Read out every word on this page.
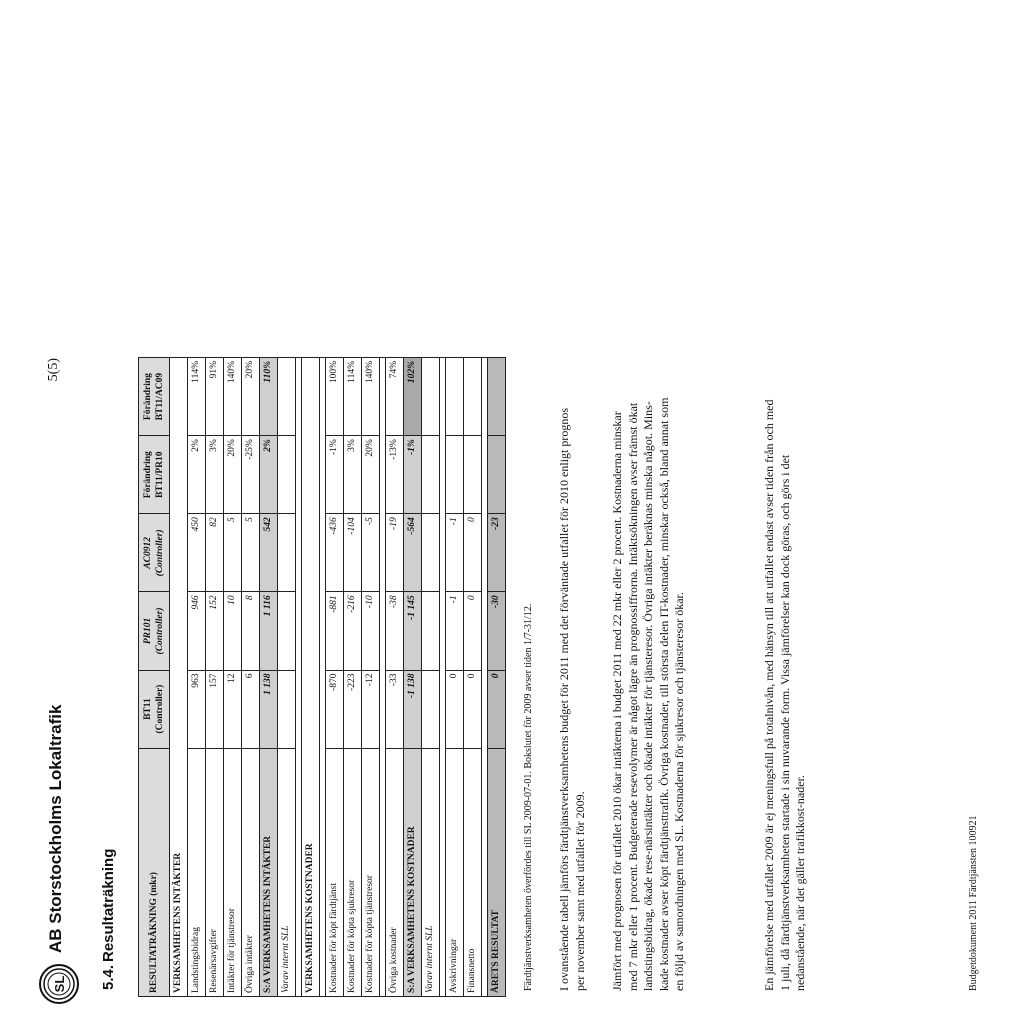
SL
AB Storstockholms Lokaltrafik
5(5)
5.4.Resultaträkning	RESULTATRÄKNING (mkr)	BT11 (Controller)	PR101 (Controller)	AC0912 (Controller)	Förändring BT11/PR10	Förändring BT11/AC09
VERKSAMHETENS INTÄKTER					
Landstingsbidrag	963	946	450	2%	114%
Resenärsavgifter	157	152	82	3%	91%
Intäkter för tjänstresor	12	10	5	20%	140%
Övriga intäkter	6	8	5	-25%	20%
S:A VERKSAMHETENS INTÄKTER	1 138	1 116	542	2%	110%
Varav internt SLL					

VERKSAMHETENS KOSTNADER					

Kostnader för köpt färdtjänst	-870	-881	-436	-1%	100%
Kostnader för köpta sjukresor	-223	-216	-104	3%	114%
Kostnader för köpta tjänstresor	-12	-10	-5	20%	140%

Övriga kostnader	-33	-38	-19	-13%	74%
S:A VERKSAMHETENS KOSTNADER	-1 138	-1 145	-564	-1%	102%
Varav internt SLL					

Avskrivningar	0	-1	-1		
Finansnetto	0	0	0		

ÅRETS RESULTAT	0	-30	-23		
Färdtjänstverksamheten överfördes till SL 2009-07-01. Bokslutet för 2009 avser tiden 1/7-31/12. I ovanstående tabell jämförs färdtjänstverksamhetens budget för 2011 med det förväntade utfallet för 2010 enligt prognos per november samt med utfallet för 2009. Jämfört med prognosen för utfallet 2010 ökar intäkterna i budget 2011 med 22 mkr eller 2 procent. Kostnaderna minskar med 7 mkr eller 1 procent. Budgeterade resevolymer är något lägre än prognossiffrorna. Intäktsökningen avser främst ökat landstingsbidrag, ökade rese-närsintäkter och ökade intäkter för tjänsteresor. Övriga intäkter beräknas minska något. Mins-kade kostnader avser köpt färdtjänsttrafik. Övriga kostnader, till största delen IT-kostnader, minskar också, bland annat som en följd av samordningen med SL. Kostnaderna för sjukresor och tjänsteresor ökar.	En jämförelse med utfallet 2009 är ej meningsfull på totalnivån, med hänsyn till att utfallet endast avser tiden från och med 1 juli, då färdtjänstverksamheten startade i sin nuvarande form. Vissa jämförelser kan dock göras, och görs i det nedanstående, när det gäller trafikkost-nader.	Budgetdokument 2011 Färdtjänsten 100921
